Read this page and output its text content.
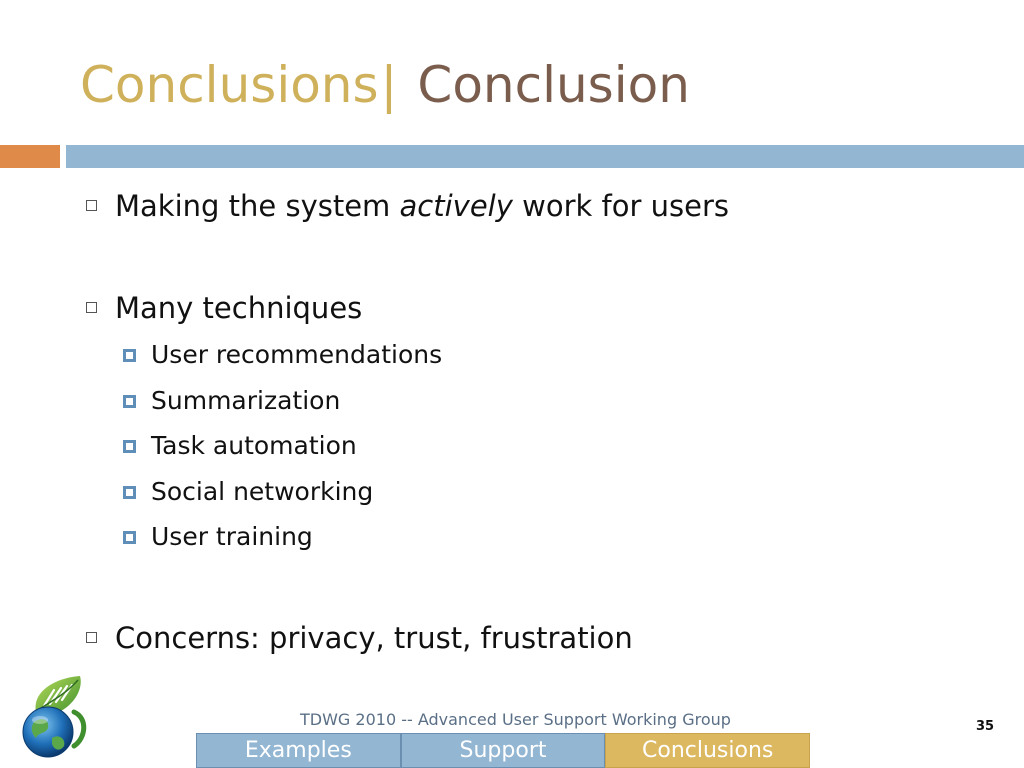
Conclusions| Conclusion
Making the system actively work for users
Many techniques
User recommendations
Summarization
Task automation
Social networking
User training
Concerns: privacy, trust, frustration
TDWG 2010 -- Advanced User Support Working Group	35
Examples	Support	Conclusions
